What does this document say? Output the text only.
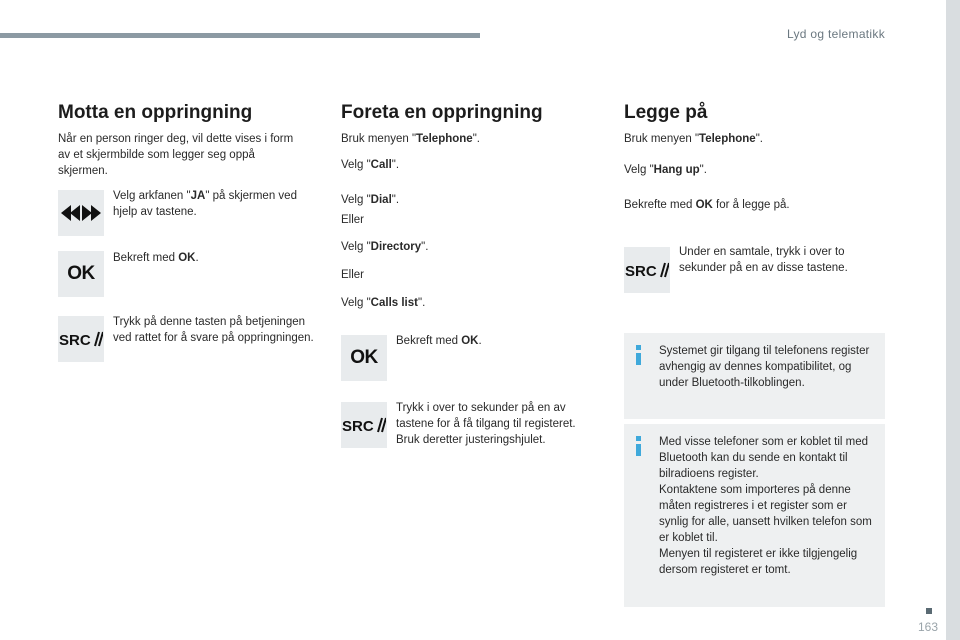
Lyd og telematikk
Motta en oppringning
Når en person ringer deg, vil dette vises i form av et skjermbilde som legger seg oppå skjermen.
Velg arkfanen "JA" på skjermen ved hjelp av tastene.
OK
Bekreft med OK.
SRC
Trykk på denne tasten på betjeningen ved rattet for å svare på oppringningen.
Foreta en oppringning
Bruk menyen "Telephone".
Velg "Call".
Velg "Dial".
Eller
Velg "Directory".
Eller
Velg "Calls list".
OK
Bekreft med OK.
SRC
Trykk i over to sekunder på en av tastene for å få tilgang til registeret. Bruk deretter justeringshjulet.
Legge på
Bruk menyen "Telephone".
Velg "Hang up".
Bekrefte med OK for å legge på.
SRC
Under en samtale, trykk i over to sekunder på en av disse tastene.
Systemet gir tilgang til telefonens register avhengig av dennes kompatibilitet, og under Bluetooth-tilkoblingen.
Med visse telefoner som er koblet til med Bluetooth kan du sende en kontakt til bilradioens register.
Kontaktene som importeres på denne måten registreres i et register som er synlig for alle, uansett hvilken telefon som er koblet til.
Menyen til registeret er ikke tilgjengelig dersom registeret er tomt.
163
